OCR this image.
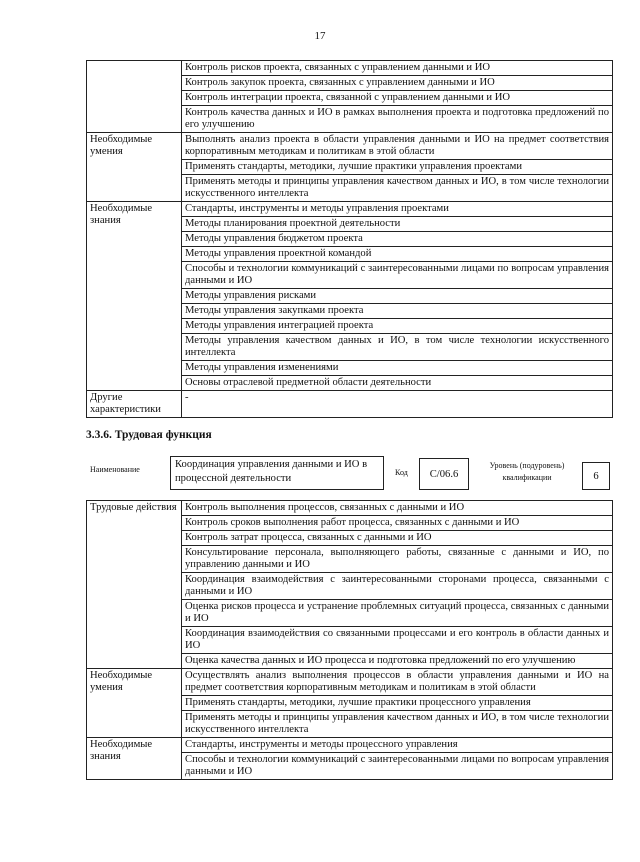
17
	Контроль рисков проекта, связанных с управлением данными и ИО
	Контроль закупок проекта, связанных с управлением данными и ИО
	Контроль интеграции проекта, связанной с управлением данными и ИО
	Контроль качества данных и ИО в рамках выполнения проекта и подготовка предложений по его улучшению
Необходимые умения	Выполнять анализ проекта в области управления данными и ИО на предмет соответствия корпоративным методикам и политикам в этой области
	Применять стандарты, методики, лучшие практики управления проектами
	Применять методы и принципы управления качеством данных и ИО, в том числе технологии искусственного интеллекта
Необходимые знания	Стандарты, инструменты и методы управления проектами
	Методы планирования проектной деятельности
	Методы управления бюджетом проекта
	Методы управления проектной командой
	Способы и технологии коммуникаций с заинтересованными лицами по вопросам управления данными и ИО
	Методы управления рисками
	Методы управления закупками проекта
	Методы управления интеграцией проекта
	Методы управления качеством данных и ИО, в том числе технологии искусственного интеллекта
	Методы управления изменениями
	Основы отраслевой предметной области деятельности
Другие характеристики	-
3.3.6. Трудовая функция
Наименование	Координация управления данными и ИО в процессной деятельности
Код	C/06.6
Уровень (подуровень) квалификации	6
Трудовые действия	Контроль выполнения процессов, связанных с данными и ИО
	Контроль сроков выполнения работ процесса, связанных с данными и ИО
	Контроль затрат процесса, связанных с данными и ИО
	Консультирование персонала, выполняющего работы, связанные с данными и ИО, по управлению данными и ИО
	Координация взаимодействия с заинтересованными сторонами процесса, связанными с данными и ИО
	Оценка рисков процесса и устранение проблемных ситуаций процесса, связанных с данными и ИО
	Координация взаимодействия со связанными процессами и его контроль в области данных и ИО
	Оценка качества данных и ИО процесса и подготовка предложений по его улучшению
Необходимые умения	Осуществлять анализ выполнения процессов в области управления данными и ИО на предмет соответствия корпоративным методикам и политикам в этой области
	Применять стандарты, методики, лучшие практики процессного управления
	Применять методы и принципы управления качеством данных и ИО, в том числе технологии искусственного интеллекта
Необходимые знания	Стандарты, инструменты и методы процессного управления
	Способы и технологии коммуникаций с заинтересованными лицами по вопросам управления данными и ИО
